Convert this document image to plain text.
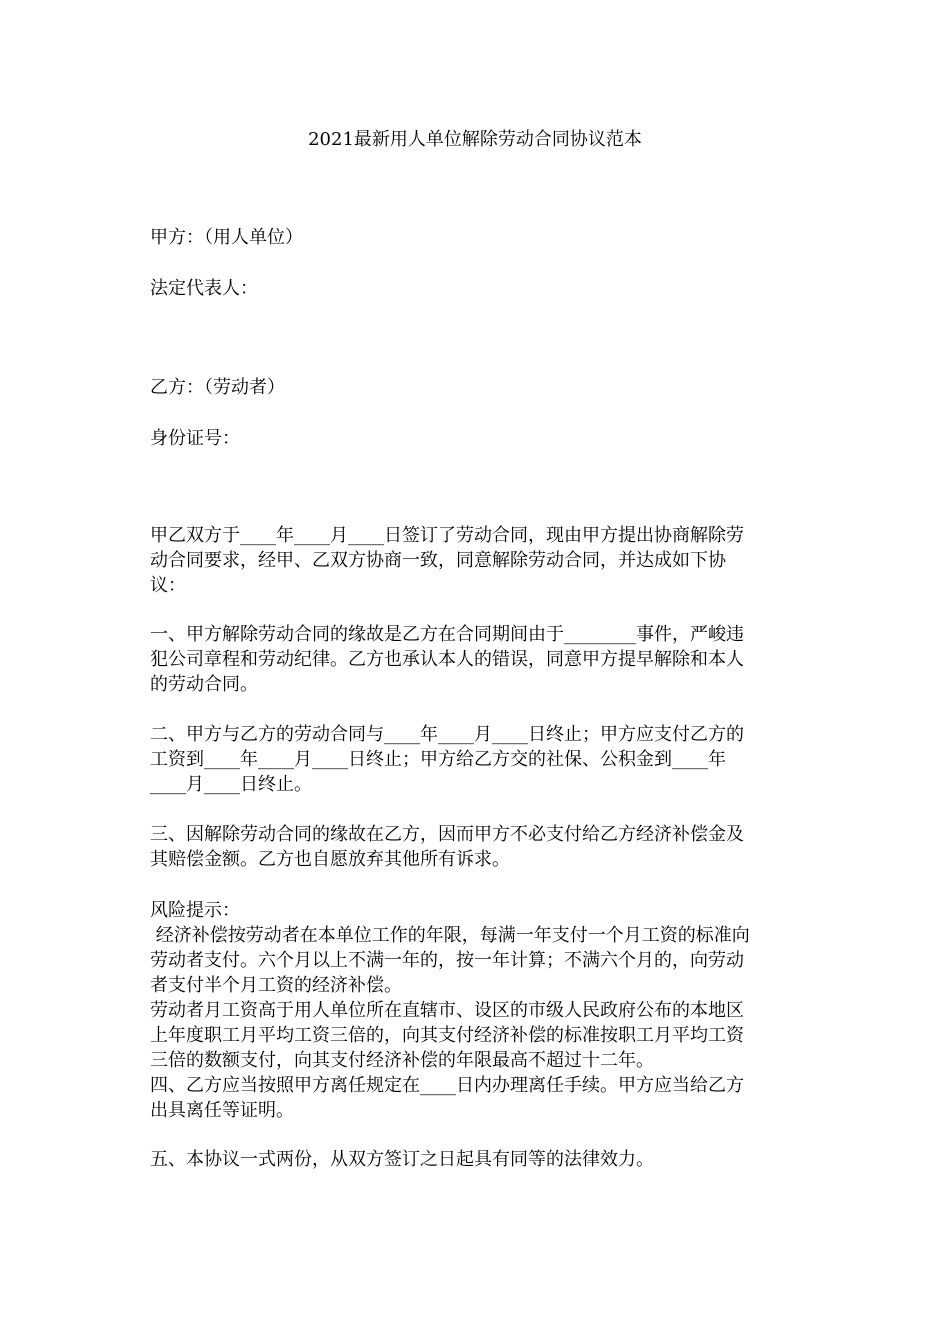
2021最新用人单位解除劳动合同协议范本
甲方：（用人单位）
法定代表人：
乙方：（劳动者）
身份证号：
甲乙双方于____年____月____日签订了劳动合同，现由甲方提出协商解除劳
动合同要求，经甲、乙双方协商一致，同意解除劳动合同，并达成如下协
议：
一、甲方解除劳动合同的缘故是乙方在合同期间由于________事件，严峻违
犯公司章程和劳动纪律。乙方也承认本人的错误，同意甲方提早解除和本人
的劳动合同。
二、甲方与乙方的劳动合同与____年____月____日终止；甲方应支付乙方的
工资到____年____月____日终止；甲方给乙方交的社保、公积金到____年
____月____日终止。
三、因解除劳动合同的缘故在乙方，因而甲方不必支付给乙方经济补偿金及
其赔偿金额。乙方也自愿放弃其他所有诉求。
风险提示：
经济补偿按劳动者在本单位工作的年限，每满一年支付一个月工资的标准向
劳动者支付。六个月以上不满一年的，按一年计算；不满六个月的，向劳动
者支付半个月工资的经济补偿。
劳动者月工资高于用人单位所在直辖市、设区的市级人民政府公布的本地区
上年度职工月平均工资三倍的，向其支付经济补偿的标准按职工月平均工资
三倍的数额支付，向其支付经济补偿的年限最高不超过十二年。
四、乙方应当按照甲方离任规定在____日内办理离任手续。甲方应当给乙方
出具离任等证明。
五、本协议一式两份，从双方签订之日起具有同等的法律效力。
